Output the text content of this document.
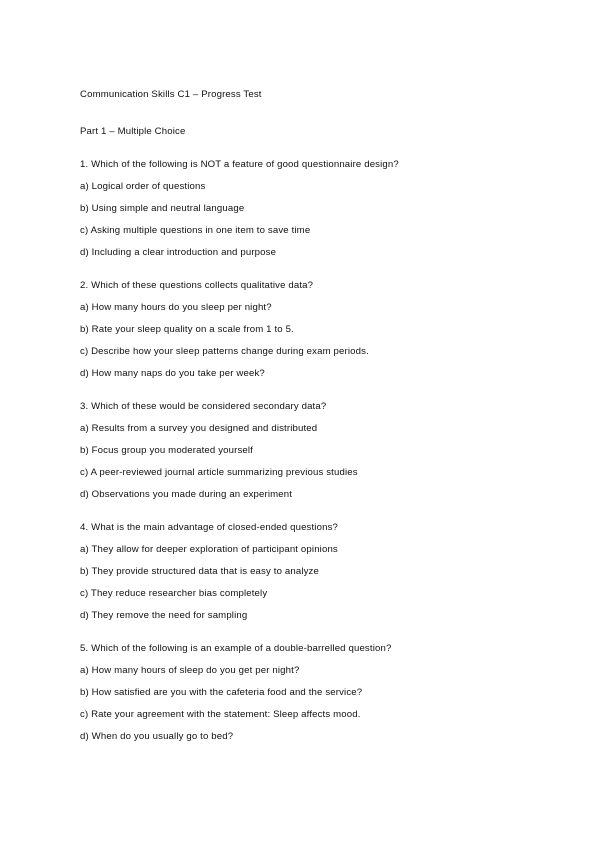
Communication Skills C1 – Progress Test
Part 1 – Multiple Choice
1. Which of the following is NOT a feature of good questionnaire design?
a) Logical order of questions
b) Using simple and neutral language
c) Asking multiple questions in one item to save time
d) Including a clear introduction and purpose
2. Which of these questions collects qualitative data?
a) How many hours do you sleep per night?
b) Rate your sleep quality on a scale from 1 to 5.
c) Describe how your sleep patterns change during exam periods.
d) How many naps do you take per week?
3. Which of these would be considered secondary data?
a) Results from a survey you designed and distributed
b) Focus group you moderated yourself
c) A peer-reviewed journal article summarizing previous studies
d) Observations you made during an experiment
4. What is the main advantage of closed-ended questions?
a) They allow for deeper exploration of participant opinions
b) They provide structured data that is easy to analyze
c) They reduce researcher bias completely
d) They remove the need for sampling
5. Which of the following is an example of a double-barrelled question?
a) How many hours of sleep do you get per night?
b) How satisfied are you with the cafeteria food and the service?
c) Rate your agreement with the statement: Sleep affects mood.
d) When do you usually go to bed?
